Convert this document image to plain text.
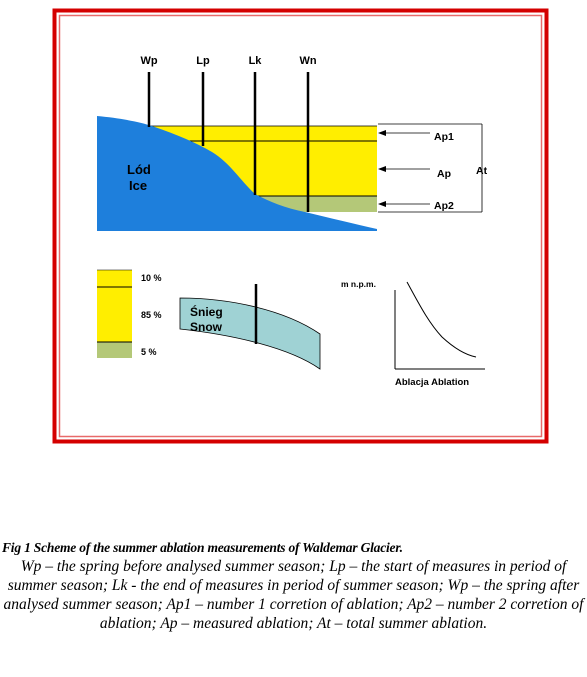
Wp	Lp	Lk	Wn
Lód
Ice
Ap1
Ap
Ap2
At
10 %
85 %
5 %
Śnieg
Snow
m n.p.m.
Ablacja Ablation
Fig 1 Scheme of the summer ablation measurements of Waldemar Glacier.
Wp – the spring before analysed summer season; Lp – the start of measures in period of summer season; Lk - the end of measures in period of summer season; Wp – the spring after analysed summer season; Ap1 – number 1 corretion of ablation; Ap2 – number 2 corretion of ablation; Ap – measured ablation; At – total summer ablation.
